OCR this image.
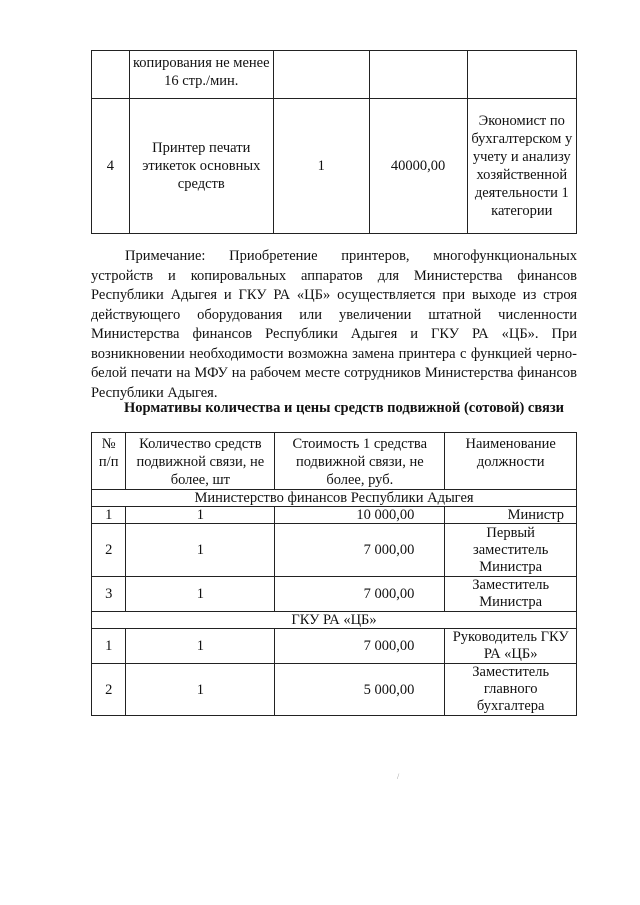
	копирования не менее 16 стр./мин.			
4	Принтер печати этикеток основных средств	1	40000,00	Экономист по бухгалтерском у учету и анализу хозяйственной деятельности 1 категории
Примечание: Приобретение принтеров, многофункциональных устройств и копировальных аппаратов для Министерства финансов Республики Адыгея и ГКУ РА «ЦБ» осуществляется при выходе из строя действующего оборудования или увеличении штатной численности Министерства финансов Республики Адыгея и ГКУ РА «ЦБ». При возникновении необходимости возможна замена принтера с функцией черно-белой печати на МФУ на рабочем месте сотрудников Министерства финансов Республики Адыгея.
Нормативы количества и цены средств подвижной (сотовой) связи
№ п/п	Количество средств подвижной связи, не более, шт	Стоимость 1 средства подвижной связи, не более, руб.	Наименование должности
Министерство финансов Республики Адыгея			
1	1	10 000,00	Министр
2	1	7 000,00	Первый заместитель Министра
3	1	7 000,00	Заместитель Министра
ГКУ РА «ЦБ»			
1	1	7 000,00	Руководитель ГКУ РА «ЦБ»
2	1	5 000,00	Заместитель главного бухгалтера
/
